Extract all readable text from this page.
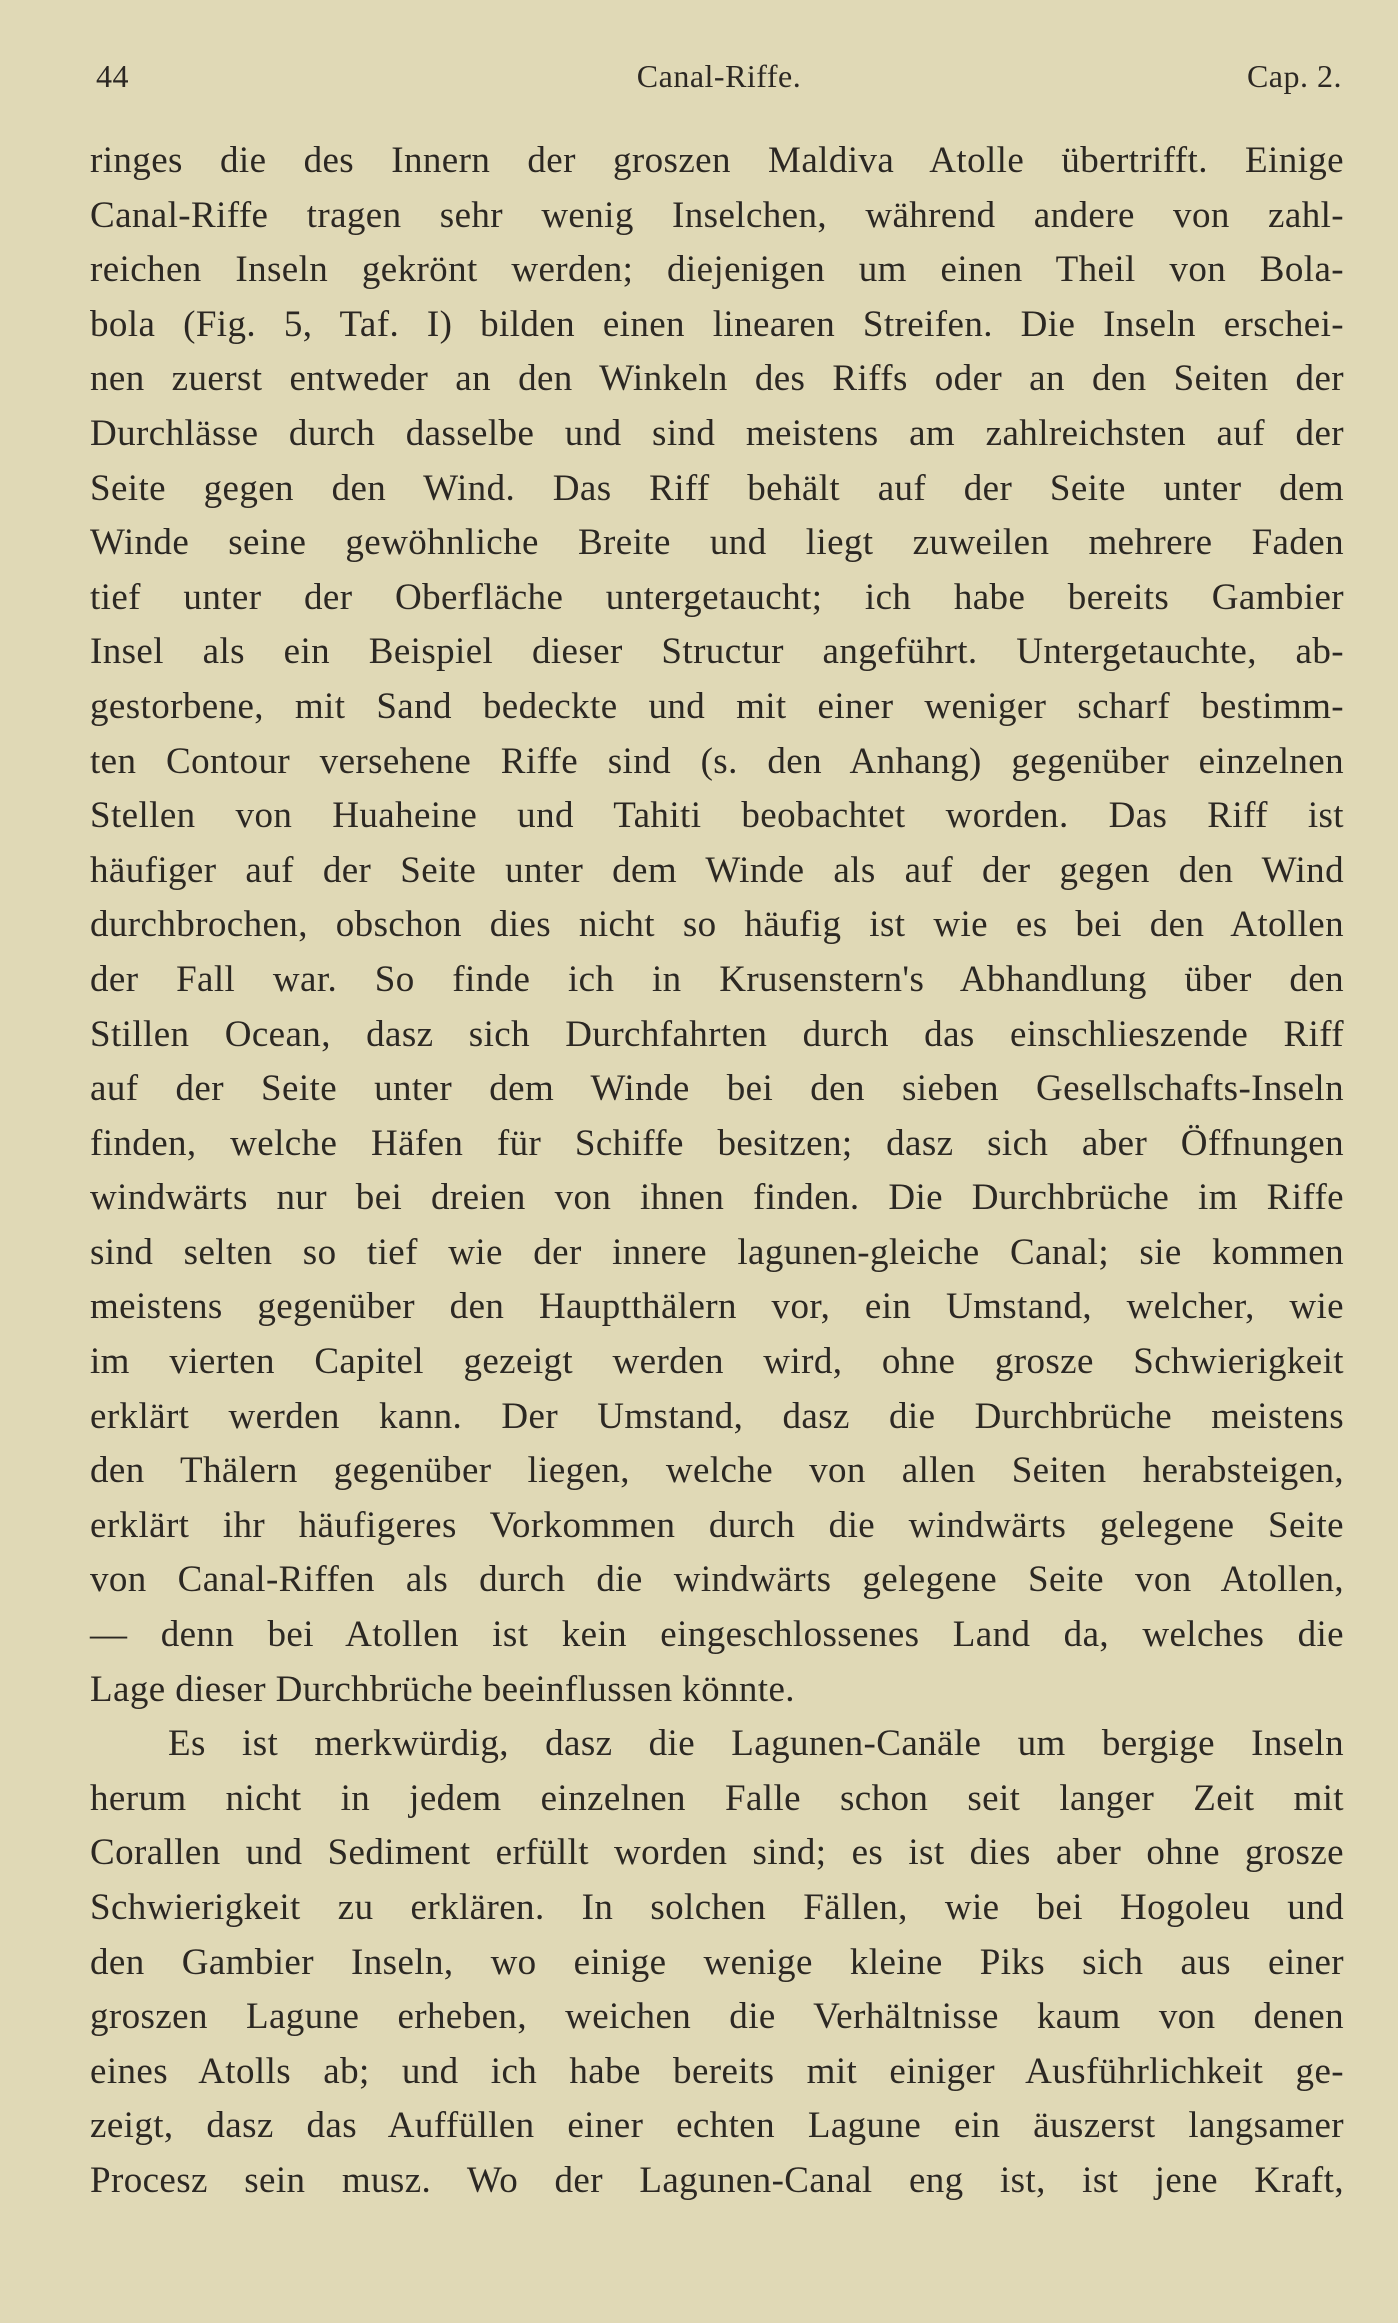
44	Canal-Riffe.	Cap. 2.
ringes die des Innern der groszen Maldiva Atolle übertrifft. Einige
Canal-Riffe tragen sehr wenig Inselchen, während andere von zahl-
reichen Inseln gekrönt werden; diejenigen um einen Theil von Bola-
bola (Fig. 5, Taf. I) bilden einen linearen Streifen. Die Inseln erschei-
nen zuerst entweder an den Winkeln des Riffs oder an den Seiten der
Durchlässe durch dasselbe und sind meistens am zahlreichsten auf der
Seite gegen den Wind. Das Riff behält auf der Seite unter dem
Winde seine gewöhnliche Breite und liegt zuweilen mehrere Faden
tief unter der Oberfläche untergetaucht; ich habe bereits Gambier
Insel als ein Beispiel dieser Structur angeführt. Untergetauchte, ab-
gestorbene, mit Sand bedeckte und mit einer weniger scharf bestimm-
ten Contour versehene Riffe sind (s. den Anhang) gegenüber einzelnen
Stellen von Huaheine und Tahiti beobachtet worden. Das Riff ist
häufiger auf der Seite unter dem Winde als auf der gegen den Wind
durchbrochen, obschon dies nicht so häufig ist wie es bei den Atollen
der Fall war. So finde ich in Krusenstern's Abhandlung über den
Stillen Ocean, dasz sich Durchfahrten durch das einschlieszende Riff
auf der Seite unter dem Winde bei den sieben Gesellschafts-Inseln
finden, welche Häfen für Schiffe besitzen; dasz sich aber Öffnungen
windwärts nur bei dreien von ihnen finden. Die Durchbrüche im Riffe
sind selten so tief wie der innere lagunen-gleiche Canal; sie kommen
meistens gegenüber den Hauptthälern vor, ein Umstand, welcher, wie
im vierten Capitel gezeigt werden wird, ohne grosze Schwierigkeit
erklärt werden kann. Der Umstand, dasz die Durchbrüche meistens
den Thälern gegenüber liegen, welche von allen Seiten herabsteigen,
erklärt ihr häufigeres Vorkommen durch die windwärts gelegene Seite
von Canal-Riffen als durch die windwärts gelegene Seite von Atollen,
— denn bei Atollen ist kein eingeschlossenes Land da, welches die
Lage dieser Durchbrüche beeinflussen könnte.
Es ist merkwürdig, dasz die Lagunen-Canäle um bergige Inseln
herum nicht in jedem einzelnen Falle schon seit langer Zeit mit
Corallen und Sediment erfüllt worden sind; es ist dies aber ohne grosze
Schwierigkeit zu erklären. In solchen Fällen, wie bei Hogoleu und
den Gambier Inseln, wo einige wenige kleine Piks sich aus einer
groszen Lagune erheben, weichen die Verhältnisse kaum von denen
eines Atolls ab; und ich habe bereits mit einiger Ausführlichkeit ge-
zeigt, dasz das Auffüllen einer echten Lagune ein äuszerst langsamer
Procesz sein musz. Wo der Lagunen-Canal eng ist, ist jene Kraft,
